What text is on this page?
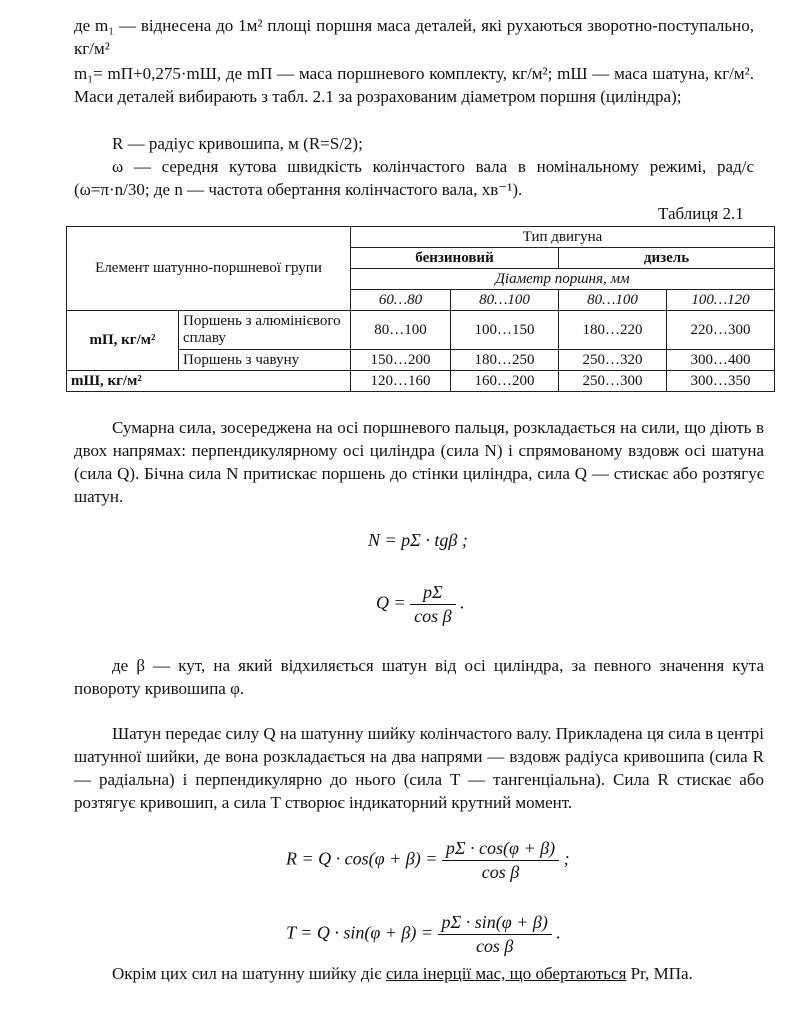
де m₁ — віднесена до 1м² площі поршня маса деталей, які рухаються зворотно-поступально, кг/м²
m₁= mП+0,275·mШ, де mП — маса поршневого комплекту, кг/м²; mШ — маса шатуна, кг/м². Маси деталей вибирають з табл. 2.1 за розрахованим діаметром поршня (циліндра);
R — радіус кривошипа, м (R=S/2);
ω — середня кутова швидкість колінчастого вала в номінальному режимі, рад/с (ω=π·n/30; де n — частота обертання колінчастого вала, хв⁻¹).
Таблиця 2.1
Елемент шатунно-поршневої групи		Тип двигуна			
		бензиновий		дизель	
		Діаметр поршня, мм			
		60…80	80…100	80…100	100…120
mП, кг/м²	Поршень з алюмінієвого сплаву	80…100	100…150	180…220	220…300
	Поршень з чавуну	150…200	180…250	250…320	300…400
mШ, кг/м²		120…160	160…200	250…300	300…350
Сумарна сила, зосереджена на осі поршневого пальця, розкладається на сили, що діють в двох напрямах: перпендикулярному осі циліндра (сила N) і спрямованому вздовж осі шатуна (сила Q). Бічна сила N притискає поршень до стінки циліндра, сила Q — стискає або розтягує шатун.
N = pΣ · tgβ ;
$Q = \frac{p\Sigma}{\text{cos β}}$ .
де β — кут, на який відхиляється шатун від осі циліндра, за певного значення кута повороту кривошипа φ.
Шатун передає силу Q на шатунну шийку колінчастого валу. Прикладена ця сила в центрі шатунної шийки, де вона розкладається на два напрями — вздовж радіуса кривошипа (сила R — радіальна) і перпендикулярно до нього (сила T — тангенціальна). Сила R стискає або розтягує кривошип, а сила T створює індикаторний крутний момент.
$R = Q \cdot \cos(\varphi + \beta) = \frac{p\Sigma \cdot \cos(\varphi + \beta)}{\text{cos β}}$ ;
$T = Q \cdot \sin(\varphi + \beta) = \frac{p\Sigma \cdot \sin(\varphi + \beta)}{\text{cos β}}$ .
Окрім цих сил на шатунну шийку діє сила інерції мас, що обертаються Pr, МПа.
